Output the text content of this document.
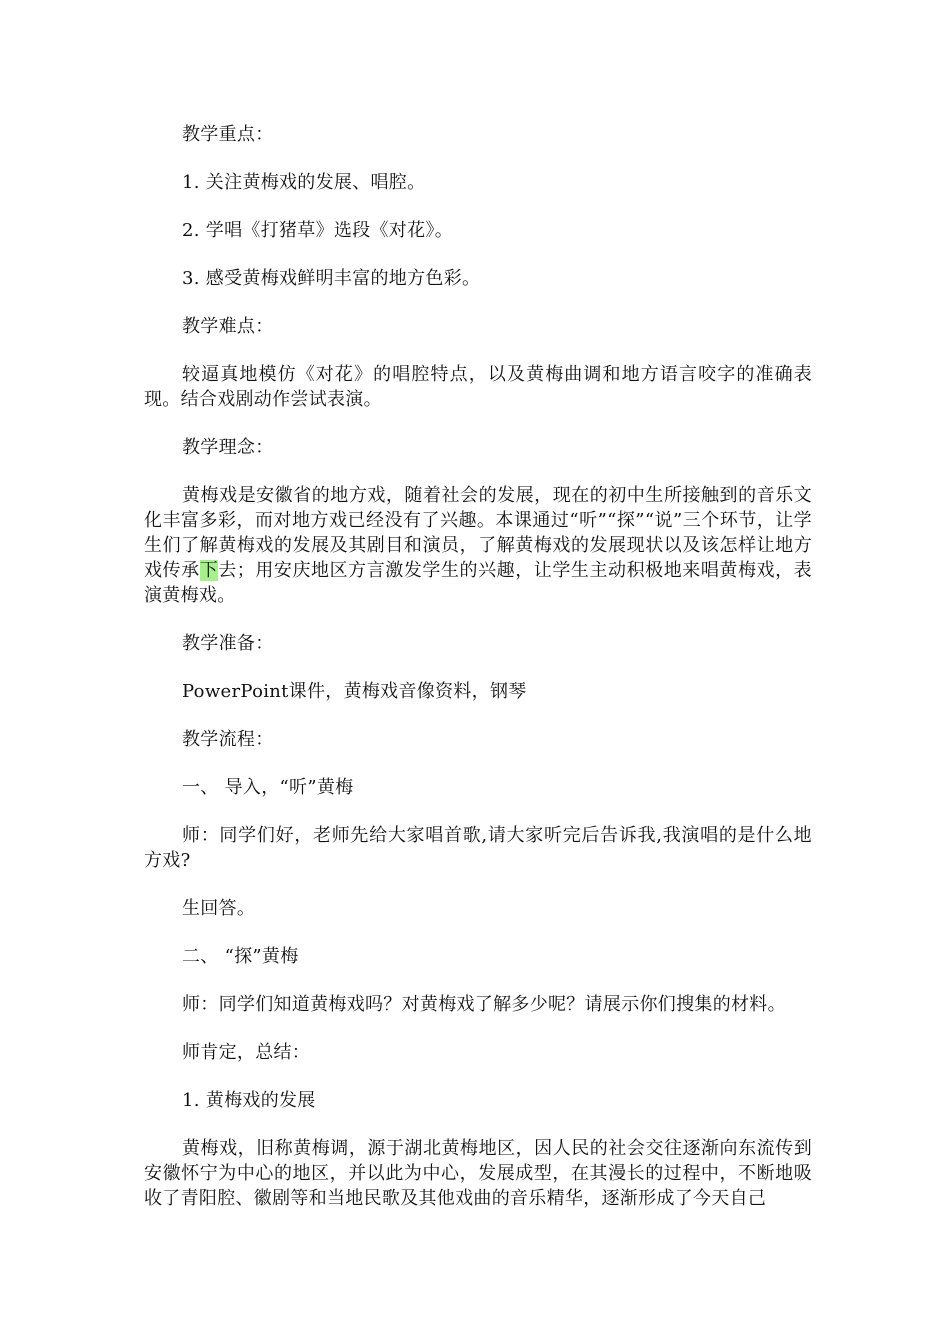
教学重点：

1. 关注黄梅戏的发展、唱腔。

2. 学唱《打猪草》选段《对花》。

3. 感受黄梅戏鲜明丰富的地方色彩。

教学难点：

较逼真地模仿《对花》的唱腔特点，以及黄梅曲调和地方语言咬字的准确表现。结合戏剧动作尝试表演。

教学理念：

黄梅戏是安徽省的地方戏，随着社会的发展，现在的初中生所接触到的音乐文化丰富多彩，而对地方戏已经没有了兴趣。本课通过“听”“探”“说”三个环节，让学生们了解黄梅戏的发展及其剧目和演员，了解黄梅戏的发展现状以及该怎样让地方戏传承下去；用安庆地区方言激发学生的兴趣，让学生主动积极地来唱黄梅戏，表演黄梅戏。

教学准备：

PowerPoint课件，黄梅戏音像资料，钢琴

教学流程：

一、 导入，“听”黄梅

师：同学们好，老师先给大家唱首歌,请大家听完后告诉我,我演唱的是什么地方戏?

生回答。

二、 “探”黄梅

师：同学们知道黄梅戏吗？对黄梅戏了解多少呢？请展示你们搜集的材料。

师肯定，总结：

1. 黄梅戏的发展

黄梅戏，旧称黄梅调，源于湖北黄梅地区，因人民的社会交往逐渐向东流传到安徽怀宁为中心的地区，并以此为中心，发展成型，在其漫长的过程中，不断地吸收了青阳腔、徽剧等和当地民歌及其他戏曲的音乐精华，逐渐形成了今天自己
